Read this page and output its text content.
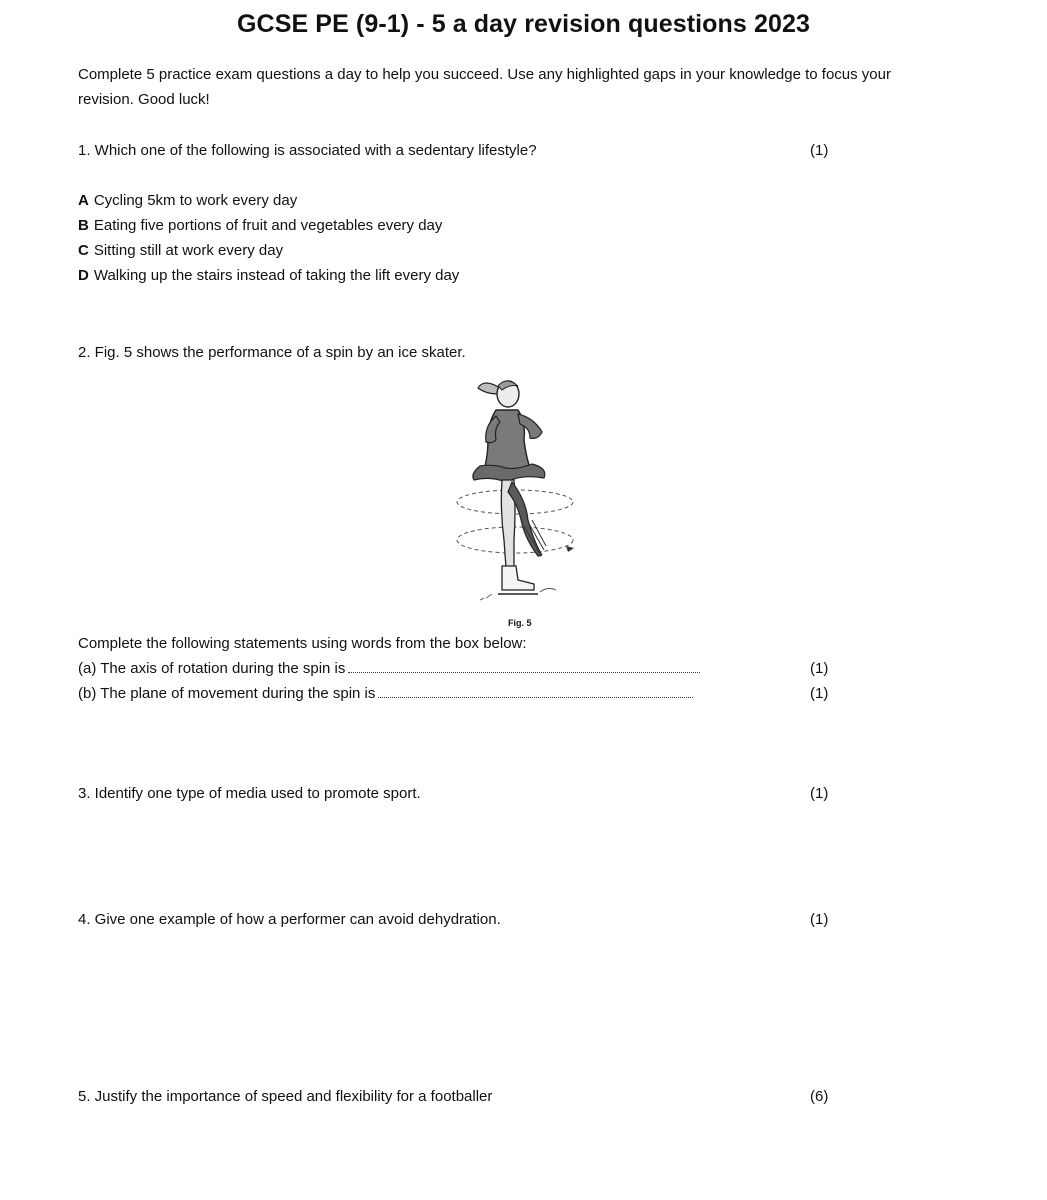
GCSE PE (9-1) - 5 a day revision questions 2023
Complete 5 practice exam questions a day to help you succeed. Use any highlighted gaps in your knowledge to focus your revision. Good luck!
1. Which one of the following is associated with a sedentary lifestyle?	(1)
A Cycling 5km to work every day
B Eating five portions of fruit and vegetables every day
C Sitting still at work every day
D Walking up the stairs instead of taking the lift every day
2. Fig. 5 shows the performance of a spin by an ice skater.
Fig. 5
Complete the following statements using words from the box below:
(a) The axis of rotation during the spin is	(1)
(b) The plane of movement during the spin is	(1)
3. Identify one type of media used to promote sport.	(1)
4. Give one example of how a performer can avoid dehydration.	(1)
5. Justify the importance of speed and flexibility for a footballer	(6)
